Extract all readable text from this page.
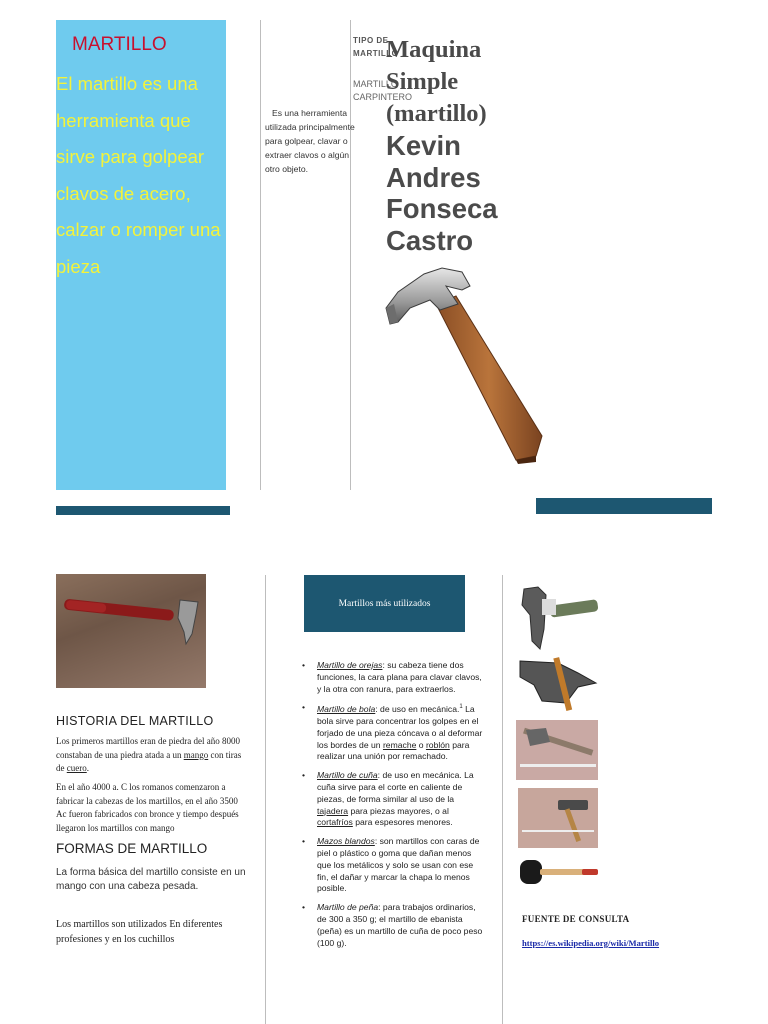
MARTILLO
El martillo es una herramienta que sirve para golpear clavos de acero, calzar o romper una pieza
Es una herramienta utilizada principalmente para golpear, clavar o extraer clavos o algún otro objeto.
TIPO DE MARTILLO
MARTILLO CARPINTERO
Maquina
Simple
(martillo)
Kevin Andres Fonseca Castro
HISTORIA DEL MARTILLO
Los primeros martillos eran de piedra del año 8000 constaban de una piedra atada a un mango con tiras de cuero.
En el año 4000 a. C los romanos comenzaron a fabricar la cabezas de los martillos, en el año 3500 Ac fueron fabricados con bronce y tiempo después llegaron los martillos con mango
FORMAS DE MARTILLO
La forma básica del martillo consiste en un mango con una cabeza pesada.
Los martillos son utilizados En diferentes profesiones y en los cuchillos
Martillos más utilizados
• Martillo de orejas: su cabeza tiene dos funciones, la cara plana para clavar clavos, y la otra con ranura, para extraerlos.
• Martillo de bola: de uso en mecánica.$^1$ La bola sirve para concentrar los golpes en el forjado de una pieza cóncava o al deformar los bordes de un remache o roblón para realizar una unión por remachado.
• Martillo de cuña: de uso en mecánica. La cuña sirve para el corte en caliente de piezas, de forma similar al uso de la tajadera para piezas mayores, o al cortafríos para espesores menores.
• Mazos blandos: son martillos con caras de piel o plástico o goma que dañan menos que los metálicos y solo se usan con ese fin, el dañar y marcar la chapa lo menos posible.
• Martillo de peña: para trabajos ordinarios, de 300 a 350 g; el martillo de ebanista (peña) es un martillo de cuña de poco peso (100 g).
FUENTE DE CONSULTA
https://es.wikipedia.org/wiki/Martillo
